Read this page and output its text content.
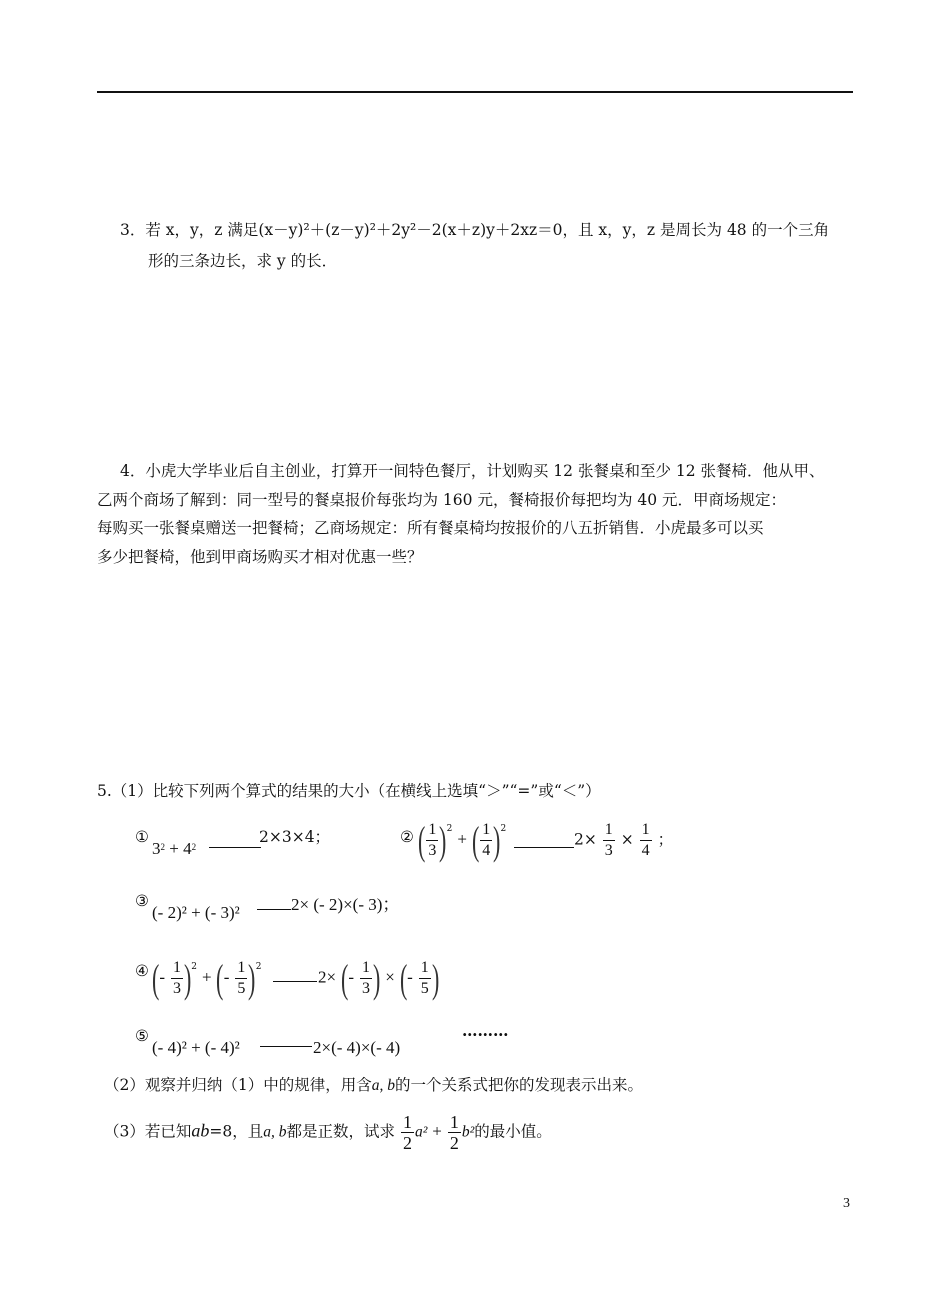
3．若 x，y，z 满足(x－y)²＋(z－y)²＋2y²－2(x＋z)y＋2xz＝0，且 x，y，z 是周长为 48 的一个三角
形的三条边长，求 y 的长．
4．小虎大学毕业后自主创业，打算开一间特色餐厅，计划购买 12 张餐桌和至少 12 张餐椅．他从甲、
乙两个商场了解到：同一型号的餐桌报价每张均为 160 元，餐椅报价每把均为 40 元．甲商场规定：
每购买一张餐桌赠送一把餐椅；乙商场规定：所有餐桌椅均按报价的八五折销售．小虎最多可以买
多少把餐椅，他到甲商场购买才相对优惠一些？
5.（1）比较下列两个算式的结果的大小（在横线上选填“＞”“=”或“＜”）
①
$3^2 + 4^2$
2×3×4；	② ( $\frac{1}{3} )^2$ + ( $\frac{1}{4} )^2$
$2\times \frac{1}{3} \times \frac{1}{4}$ ；
③
(- 2)² + (- 3)²	2× (- 2)×(- 3)；
④ (- $\frac{1}{3} )^2$ + (- $\frac{1}{5} )^2$
2× (- $\frac{1}{3}$ ) × (- $\frac{1}{5}$ )
⑤
(- 4)² + (- 4)²	2×(- 4)×(- 4)
………
（2）观察并归纳（1）中的规律，用含a, b的一个关系式把你的发现表示出来。
（3）若已知ab=8，且a, b都是正数，试求 $\frac{1}{2} a^2 + \frac{1}{2} b^2$的最小值。
3
